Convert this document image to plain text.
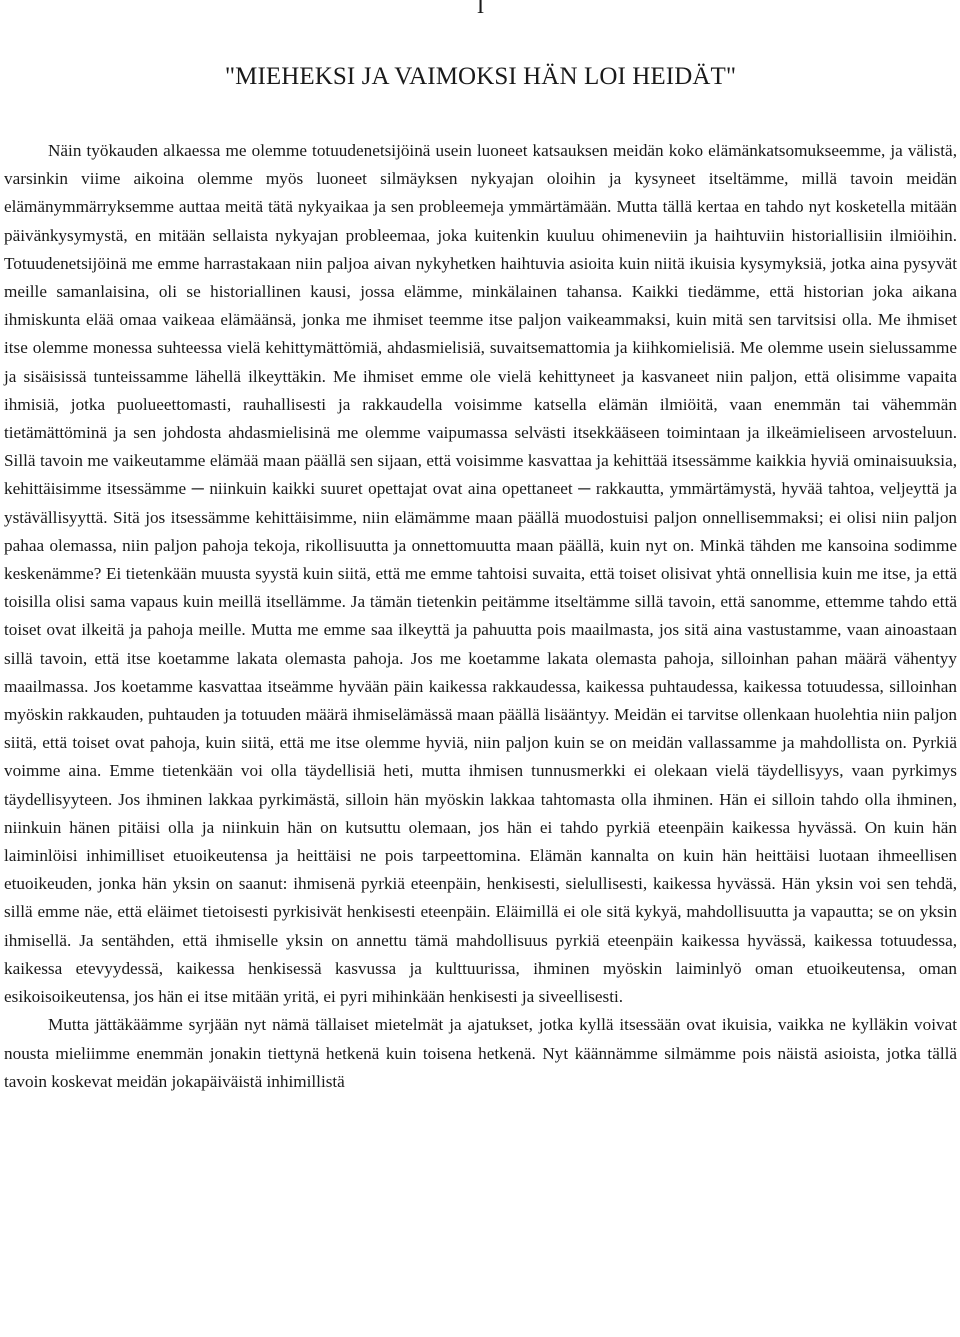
I
"MIEHEKSI JA VAIMOKSI HÄN LOI HEIDÄT"

Näin työkauden alkaessa me olemme totuudenetsijöinä usein luoneet katsauksen meidän koko elämänkatsomukseemme, ja välistä, varsinkin viime aikoina olemme myös luoneet silmäyksen nykyajan oloihin ja kysyneet itseltämme, millä tavoin meidän elämänymmärryksemme auttaa meitä tätä nykyaikaa ja sen probleemeja ymmärtämään. Mutta tällä kertaa en tahdo nyt kosketella mitään päivänkysymystä, en mitään sellaista nykyajan probleemaa, joka kuitenkin kuuluu ohimeneviin ja haihtuviin historiallisiin ilmiöihin. Totuudenetsijöinä me emme harrastakaan niin paljoa aivan nykyhetken haihtuvia asioita kuin niitä ikuisia kysymyksiä, jotka aina pysyvät meille samanlaisina, oli se historiallinen kausi, jossa elämme, minkälainen tahansa. Kaikki tiedämme, että historian joka aikana ihmiskunta elää omaa vaikeaa elämäänsä, jonka me ihmiset teemme itse paljon vaikeammaksi, kuin mitä sen tarvitsisi olla. Me ihmiset itse olemme monessa suhteessa vielä kehittymättömiä, ahdasmielisiä, suvaitsemattomia ja kiihkomielisiä. Me olemme usein sielussamme ja sisäisissä tunteissamme lähellä ilkeyttäkin. Me ihmiset emme ole vielä kehittyneet ja kasvaneet niin paljon, että olisimme vapaita ihmisiä, jotka puolueettomasti, rauhallisesti ja rakkaudella voisimme katsella elämän ilmiöitä, vaan enemmän tai vähemmän tietämättöminä ja sen johdosta ahdasmielisinä me olemme vaipumassa selvästi itsekkääseen toimintaan ja ilkeämieliseen arvosteluun. Sillä tavoin me vaikeutamme elämää maan päällä sen sijaan, että voisimme kasvattaa ja kehittää itsessämme kaikkia hyviä ominaisuuksia, kehittäisimme itsessämme ─ niinkuin kaikki suuret opettajat ovat aina opettaneet ─ rakkautta, ymmärtämystä, hyvää tahtoa, veljeyttä ja ystävällisyyttä. Sitä jos itsessämme kehittäisimme, niin elämämme maan päällä muodostuisi paljon onnellisemmaksi; ei olisi niin paljon pahaa olemassa, niin paljon pahoja tekoja, rikollisuutta ja onnettomuutta maan päällä, kuin nyt on. Minkä tähden me kansoina sodimme keskenämme? Ei tietenkään muusta syystä kuin siitä, että me emme tahtoisi suvaita, että toiset olisivat yhtä onnellisia kuin me itse, ja että toisilla olisi sama vapaus kuin meillä itsellämme. Ja tämän tietenkin peitämme itseltämme sillä tavoin, että sanomme, ettemme tahdo että toiset ovat ilkeitä ja pahoja meille. Mutta me emme saa ilkeyttä ja pahuutta pois maailmasta, jos sitä aina vastustamme, vaan ainoastaan sillä tavoin, että itse koetamme lakata olemasta pahoja. Jos me koetamme lakata olemasta pahoja, silloinhan pahan määrä vähentyy maailmassa. Jos koetamme kasvattaa itseämme hyvään päin kaikessa rakkaudessa, kaikessa puhtaudessa, kaikessa totuudessa, silloinhan myöskin rakkauden, puhtauden ja totuuden määrä ihmiselämässä maan päällä lisääntyy. Meidän ei tarvitse ollenkaan huolehtia niin paljon siitä, että toiset ovat pahoja, kuin siitä, että me itse olemme hyviä, niin paljon kuin se on meidän vallassamme ja mahdollista on. Pyrkiä voimme aina. Emme tietenkään voi olla täydellisiä heti, mutta ihmisen tunnusmerkki ei olekaan vielä täydellisyys, vaan pyrkimys täydellisyyteen. Jos ihminen lakkaa pyrkimästä, silloin hän myöskin lakkaa tahtomasta olla ihminen. Hän ei silloin tahdo olla ihminen, niinkuin hänen pitäisi olla ja niinkuin hän on kutsuttu olemaan, jos hän ei tahdo pyrkiä eteenpäin kaikessa hyvässä. On kuin hän laiminlöisi inhimilliset etuoikeutensa ja heittäisi ne pois tarpeettomina. Elämän kannalta on kuin hän heittäisi luotaan ihmeellisen etuoikeuden, jonka hän yksin on saanut: ihmisenä pyrkiä eteenpäin, henkisesti, sielullisesti, kaikessa hyvässä. Hän yksin voi sen tehdä, sillä emme näe, että eläimet tietoisesti pyrkisivät henkisesti eteenpäin. Eläimillä ei ole sitä kykyä, mahdollisuutta ja vapautta; se on yksin ihmisellä. Ja sentähden, että ihmiselle yksin on annettu tämä mahdollisuus pyrkiä eteenpäin kaikessa hyvässä, kaikessa totuudessa, kaikessa etevyydessä, kaikessa henkisessä kasvussa ja kulttuurissa, ihminen myöskin laiminlyö oman etuoikeutensa, oman esikoisoikeutensa, jos hän ei itse mitään yritä, ei pyri mihinkään henkisesti ja siveellisesti.

Mutta jättäkäämme syrjään nyt nämä tällaiset mietelmät ja ajatukset, jotka kyllä itsessään ovat ikuisia, vaikka ne kylläkin voivat nousta mieliimme enemmän jonakin tiettynä hetkenä kuin toisena hetkenä. Nyt käännämme silmämme pois näistä asioista, jotka tällä tavoin koskevat meidän jokapäiväistä inhimillistä
